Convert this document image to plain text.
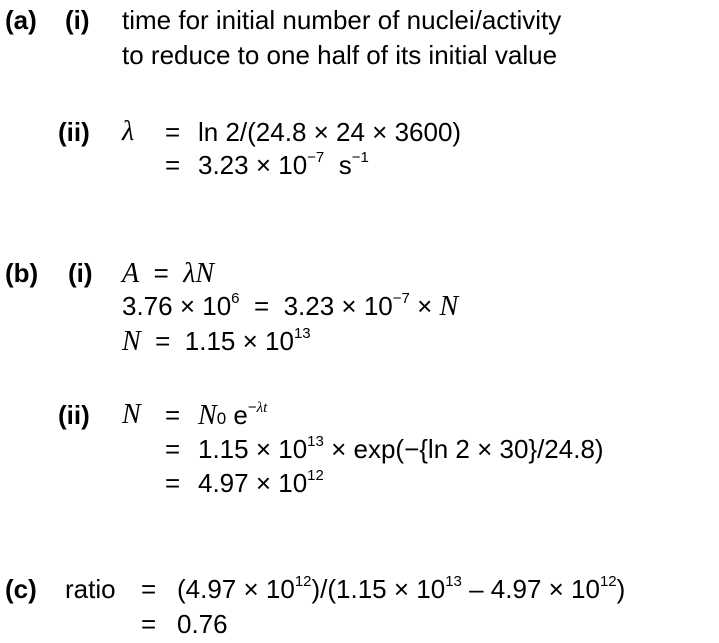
(a) (i) time for initial number of nuclei/activity
to reduce to one half of its initial value
(ii) λ = ln 2/(24.8 × 24 × 3600)
= $3.23 \times 10^{-7}$ $s^{-1}$
(b) (i) A = λN
$3.76 \times 10^6 = 3.23 \times 10^{-7} \times N$
$N = 1.15 \times 10^{13}$
(ii) N = N0 $e^{-\lambda t}$
= $1.15 \times 10^{13} \times \exp(-\{\ln$ 2 × 30}/24.8)
= $4.97 \times 10^{12}$
(c) ratio = $(4.97 \times 10^{12})/(1.15 \times 10^{13} - 4.97 \times 10^{12})$
= 0.76
